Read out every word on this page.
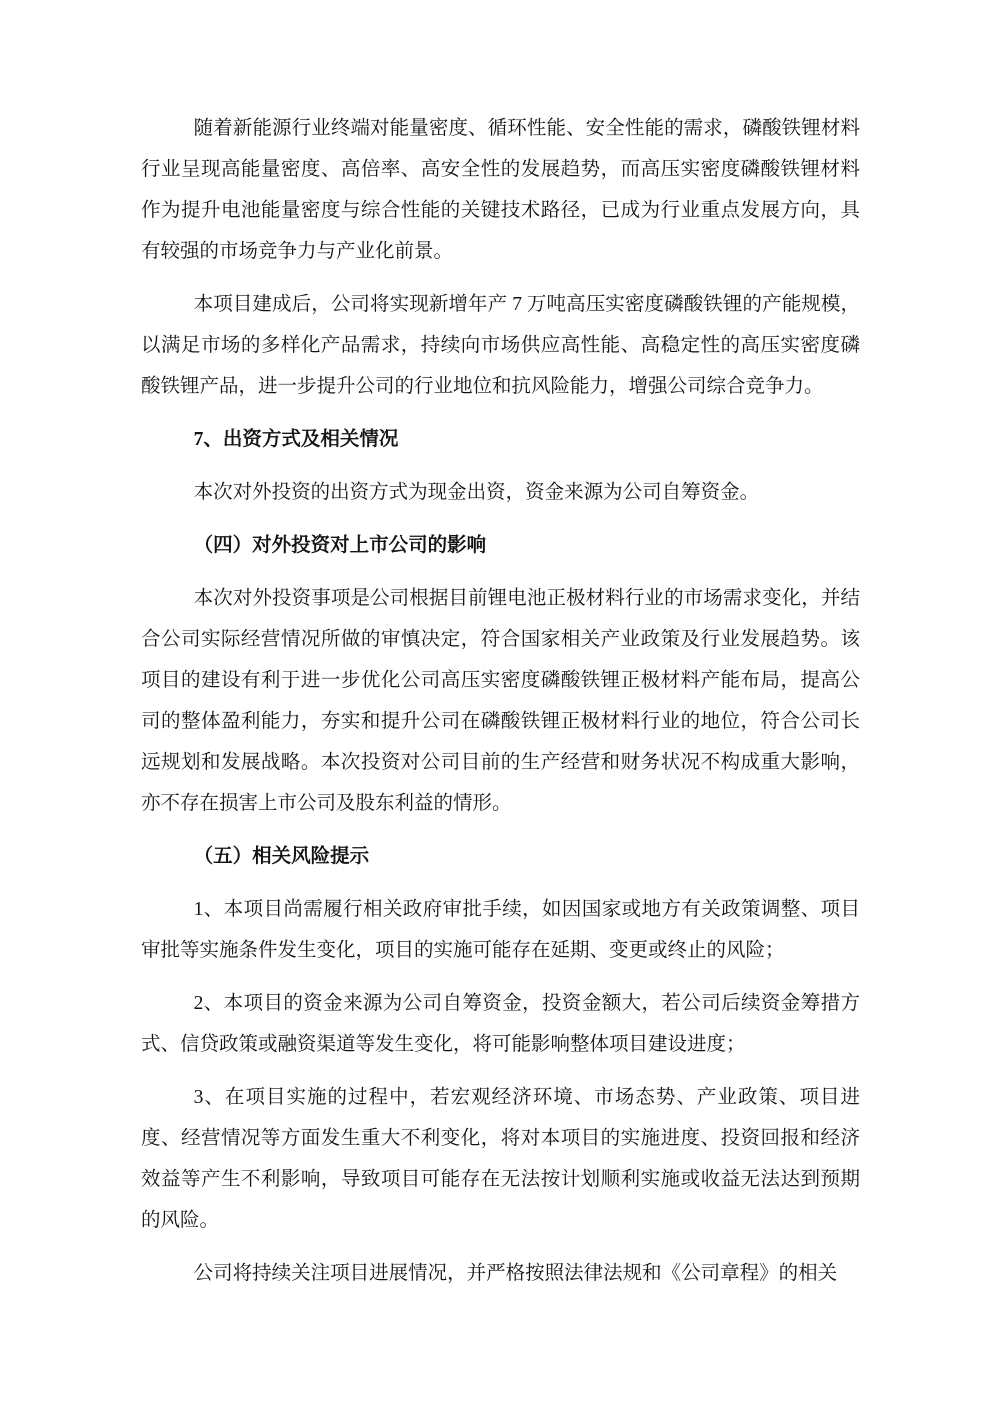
随着新能源行业终端对能量密度、循环性能、安全性能的需求，磷酸铁锂材料行业呈现高能量密度、高倍率、高安全性的发展趋势，而高压实密度磷酸铁锂材料作为提升电池能量密度与综合性能的关键技术路径，已成为行业重点发展方向，具有较强的市场竞争力与产业化前景。

本项目建成后，公司将实现新增年产 7 万吨高压实密度磷酸铁锂的产能规模，以满足市场的多样化产品需求，持续向市场供应高性能、高稳定性的高压实密度磷酸铁锂产品，进一步提升公司的行业地位和抗风险能力，增强公司综合竞争力。

7、出资方式及相关情况

本次对外投资的出资方式为现金出资，资金来源为公司自筹资金。

（四）对外投资对上市公司的影响

本次对外投资事项是公司根据目前锂电池正极材料行业的市场需求变化，并结合公司实际经营情况所做的审慎决定，符合国家相关产业政策及行业发展趋势。该项目的建设有利于进一步优化公司高压实密度磷酸铁锂正极材料产能布局，提高公司的整体盈利能力，夯实和提升公司在磷酸铁锂正极材料行业的地位，符合公司长远规划和发展战略。本次投资对公司目前的生产经营和财务状况不构成重大影响，亦不存在损害上市公司及股东利益的情形。

（五）相关风险提示

1、本项目尚需履行相关政府审批手续，如因国家或地方有关政策调整、项目审批等实施条件发生变化，项目的实施可能存在延期、变更或终止的风险；

2、本项目的资金来源为公司自筹资金，投资金额大，若公司后续资金筹措方式、信贷政策或融资渠道等发生变化，将可能影响整体项目建设进度；

3、在项目实施的过程中，若宏观经济环境、市场态势、产业政策、项目进度、经营情况等方面发生重大不利变化，将对本项目的实施进度、投资回报和经济效益等产生不利影响，导致项目可能存在无法按计划顺利实施或收益无法达到预期的风险。

公司将持续关注项目进展情况，并严格按照法律法规和《公司章程》的相关
